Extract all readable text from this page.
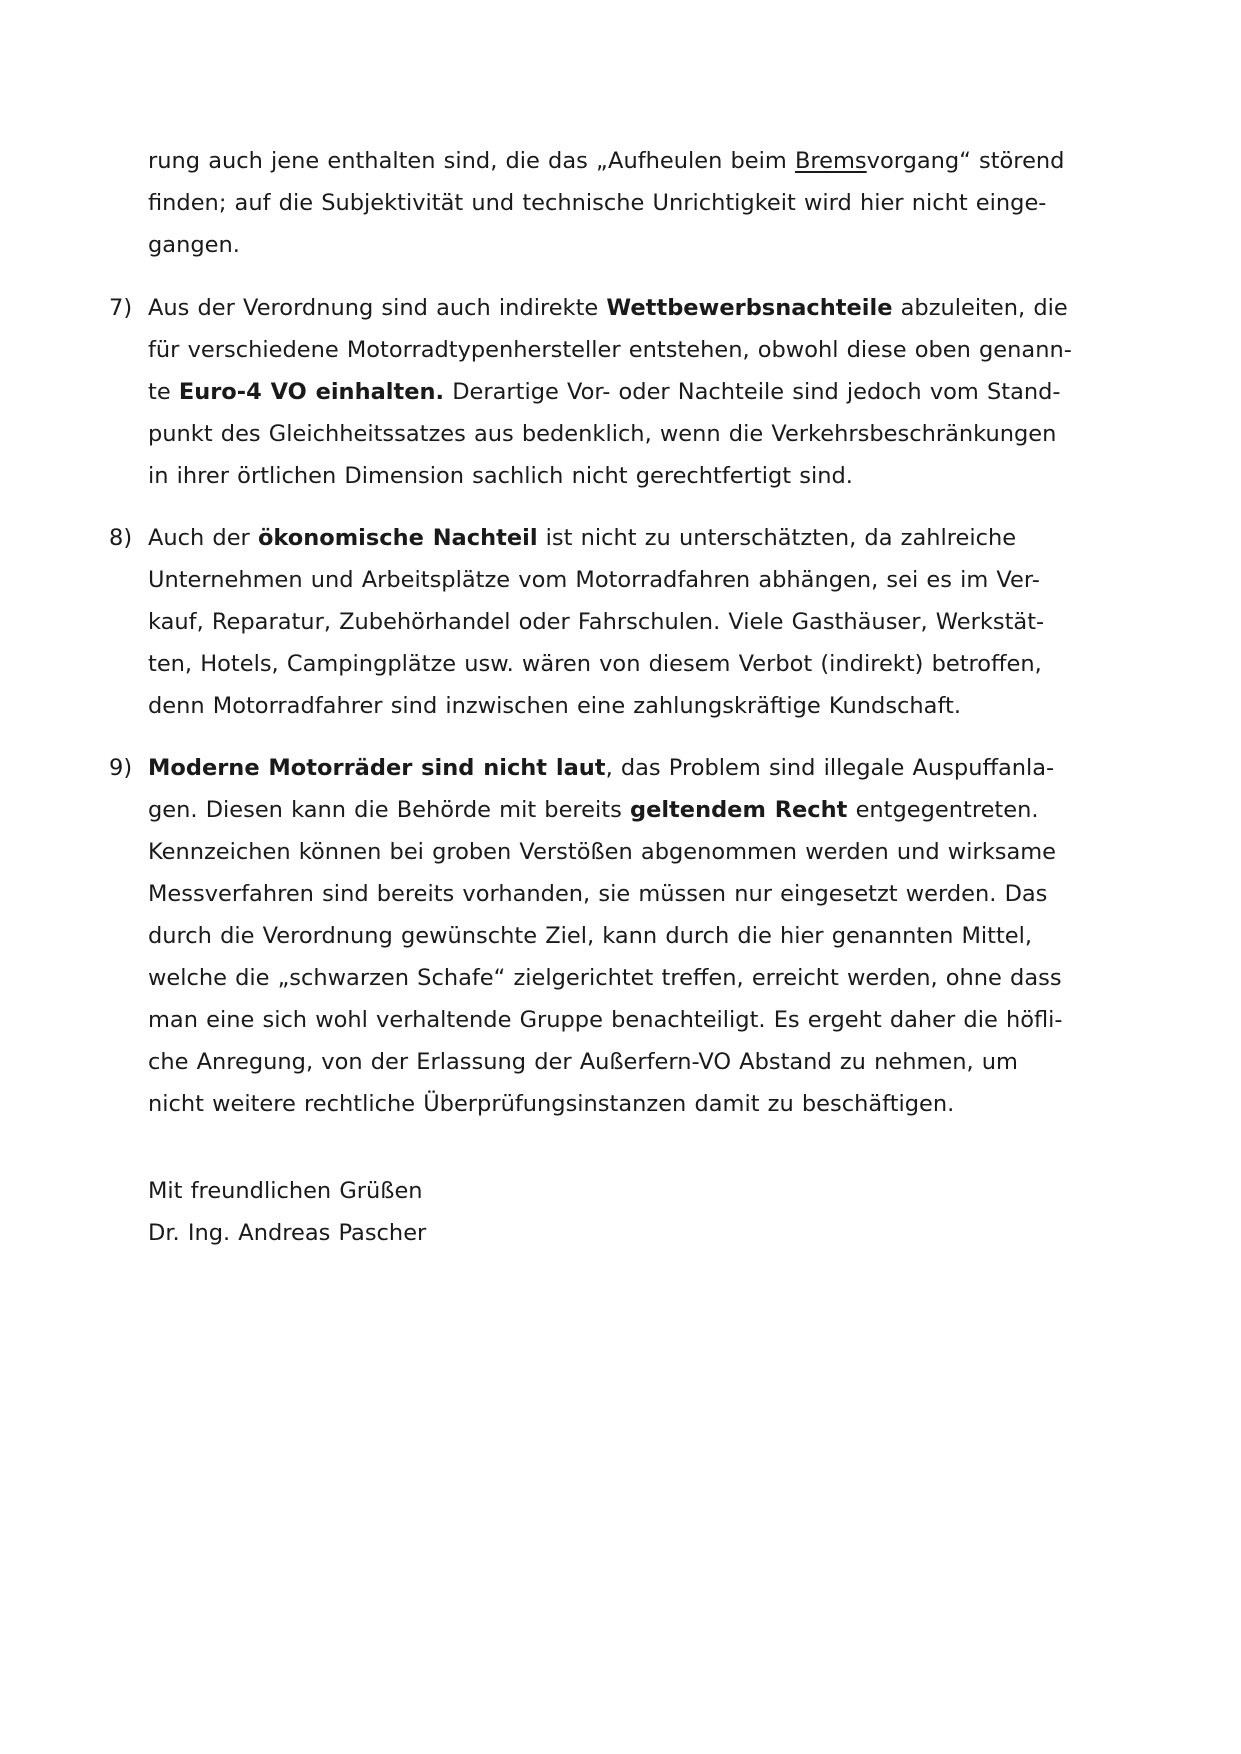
rung auch jene enthalten sind, die das „Aufheulen beim Bremsvorgang“ störend
finden; auf die Subjektivität und technische Unrichtigkeit wird hier nicht einge-
gangen.
7) Aus der Verordnung sind auch indirekte Wettbewerbsnachteile abzuleiten, die
für verschiedene Motorradtypenhersteller entstehen, obwohl diese oben genann-
te Euro-4 VO einhalten. Derartige Vor- oder Nachteile sind jedoch vom Stand-
punkt des Gleichheitssatzes aus bedenklich, wenn die Verkehrsbeschränkungen
in ihrer örtlichen Dimension sachlich nicht gerechtfertigt sind.
8) Auch der ökonomische Nachteil ist nicht zu unterschätzten, da zahlreiche
Unternehmen und Arbeitsplätze vom Motorradfahren abhängen, sei es im Ver-
kauf, Reparatur, Zubehörhandel oder Fahrschulen. Viele Gasthäuser, Werkstät-
ten, Hotels, Campingplätze usw. wären von diesem Verbot (indirekt) betroffen,
denn Motorradfahrer sind inzwischen eine zahlungskräftige Kundschaft.
9) Moderne Motorräder sind nicht laut, das Problem sind illegale Auspuffanla-
gen. Diesen kann die Behörde mit bereits geltendem Recht entgegentreten.
Kennzeichen können bei groben Verstößen abgenommen werden und wirksame
Messverfahren sind bereits vorhanden, sie müssen nur eingesetzt werden. Das
durch die Verordnung gewünschte Ziel, kann durch die hier genannten Mittel,
welche die „schwarzen Schafe“ zielgerichtet treffen, erreicht werden, ohne dass
man eine sich wohl verhaltende Gruppe benachteiligt. Es ergeht daher die höfli-
che Anregung, von der Erlassung der Außerfern-VO Abstand zu nehmen, um
nicht weitere rechtliche Überprüfungsinstanzen damit zu beschäftigen.
Mit freundlichen Grüßen
Dr. Ing. Andreas Pascher
